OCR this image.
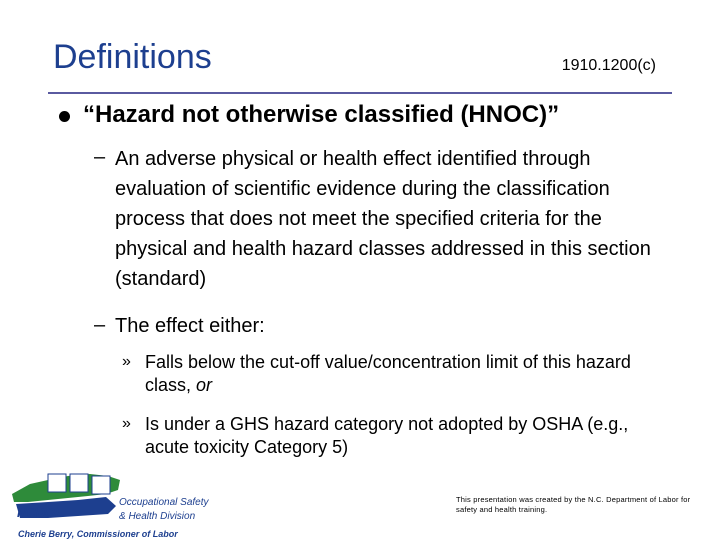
Definitions	1910.1200(c)
“Hazard not otherwise classified (HNOC)”
– An adverse physical or health effect identified through evaluation of scientific evidence during the classification process that does not meet the specified criteria for the physical and health hazard classes addressed in this section (standard)
– The effect either:
» Falls below the cut-off value/concentration limit of this hazard class, or
» Is under a GHS hazard category not adopted by OSHA (e.g., acute toxicity Category 5)
NCDOL
Occupational Safety
& Health Division
Cherie Berry, Commissioner of Labor
This presentation was created by the N.C. Department of Labor for safety and health training.
